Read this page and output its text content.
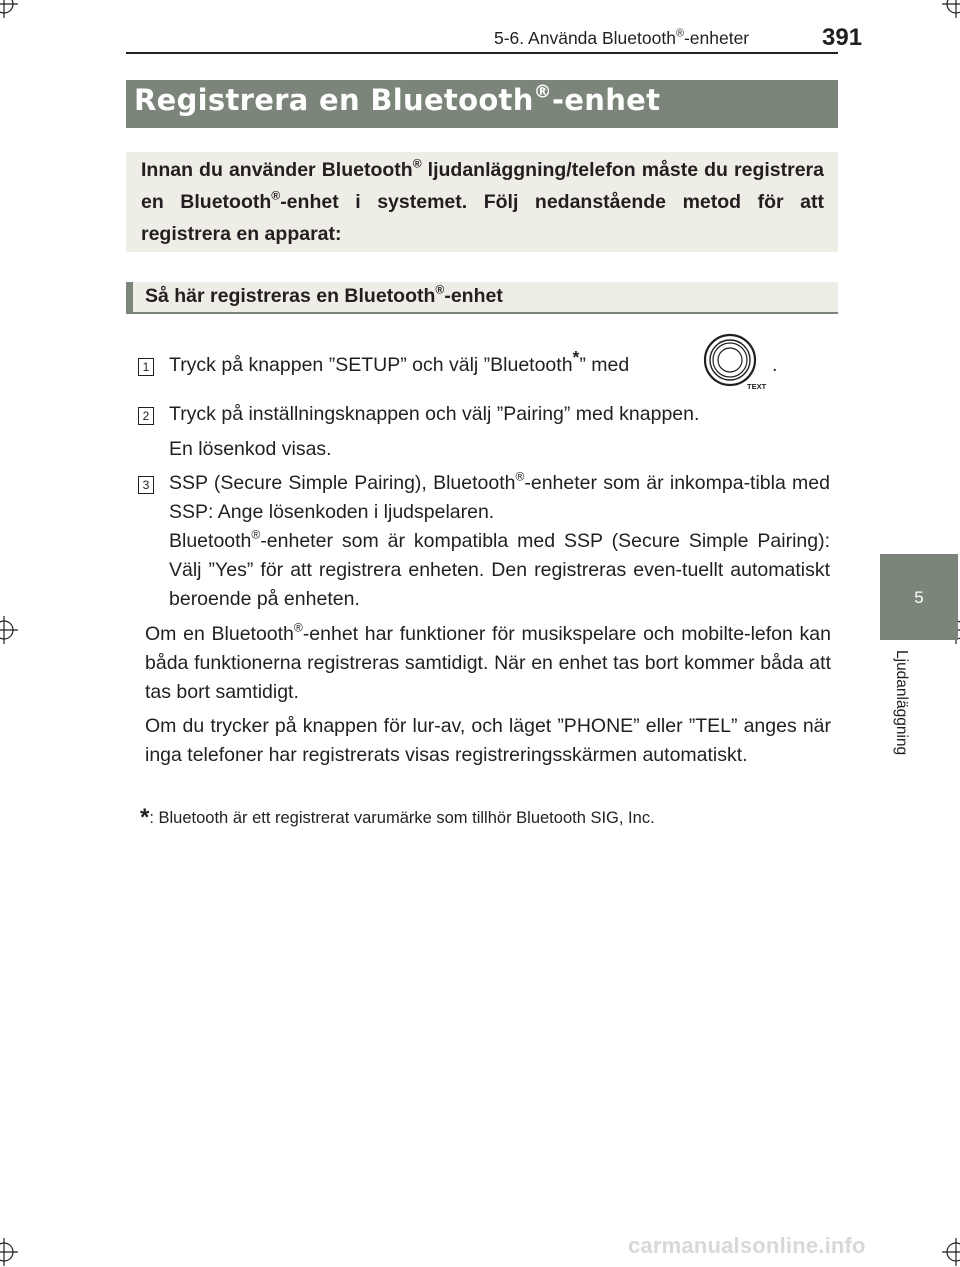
5-6. Använda Bluetooth®-enheter	391
5
Ljudanläggning
Registrera en Bluetooth®-enhet
Innan du använder Bluetooth® ljudanläggning/telefon måste du registrera en Bluetooth®-enhet i systemet. Följ nedanstående metod för att registrera en apparat:
Så här registreras en Bluetooth®-enhet
1 Tryck på knappen ”SETUP” och välj ”Bluetooth*” med
TEXT
.
2 Tryck på inställningsknappen och välj ”Pairing” med knappen.
En lösenkod visas.
3 SSP (Secure Simple Pairing), Bluetooth®-enheter som är inkompa-tibla med SSP: Ange lösenkoden i ljudspelaren.

Bluetooth®-enheter som är kompatibla med SSP (Secure Simple Pairing): Välj ”Yes” för att registrera enheten. Den registreras even-tuellt automatiskt beroende på enheten.

Om en Bluetooth®-enhet har funktioner för musikspelare och mobilte-lefon kan båda funktionerna registreras samtidigt. När en enhet tas bort kommer båda att tas bort samtidigt.
Om du trycker på knappen för lur-av, och läget ”PHONE” eller ”TEL” anges när inga telefoner har registrerats visas registreringsskärmen automatiskt.
*: Bluetooth är ett registrerat varumärke som tillhör Bluetooth SIG, Inc.
carmanualsonline.info
